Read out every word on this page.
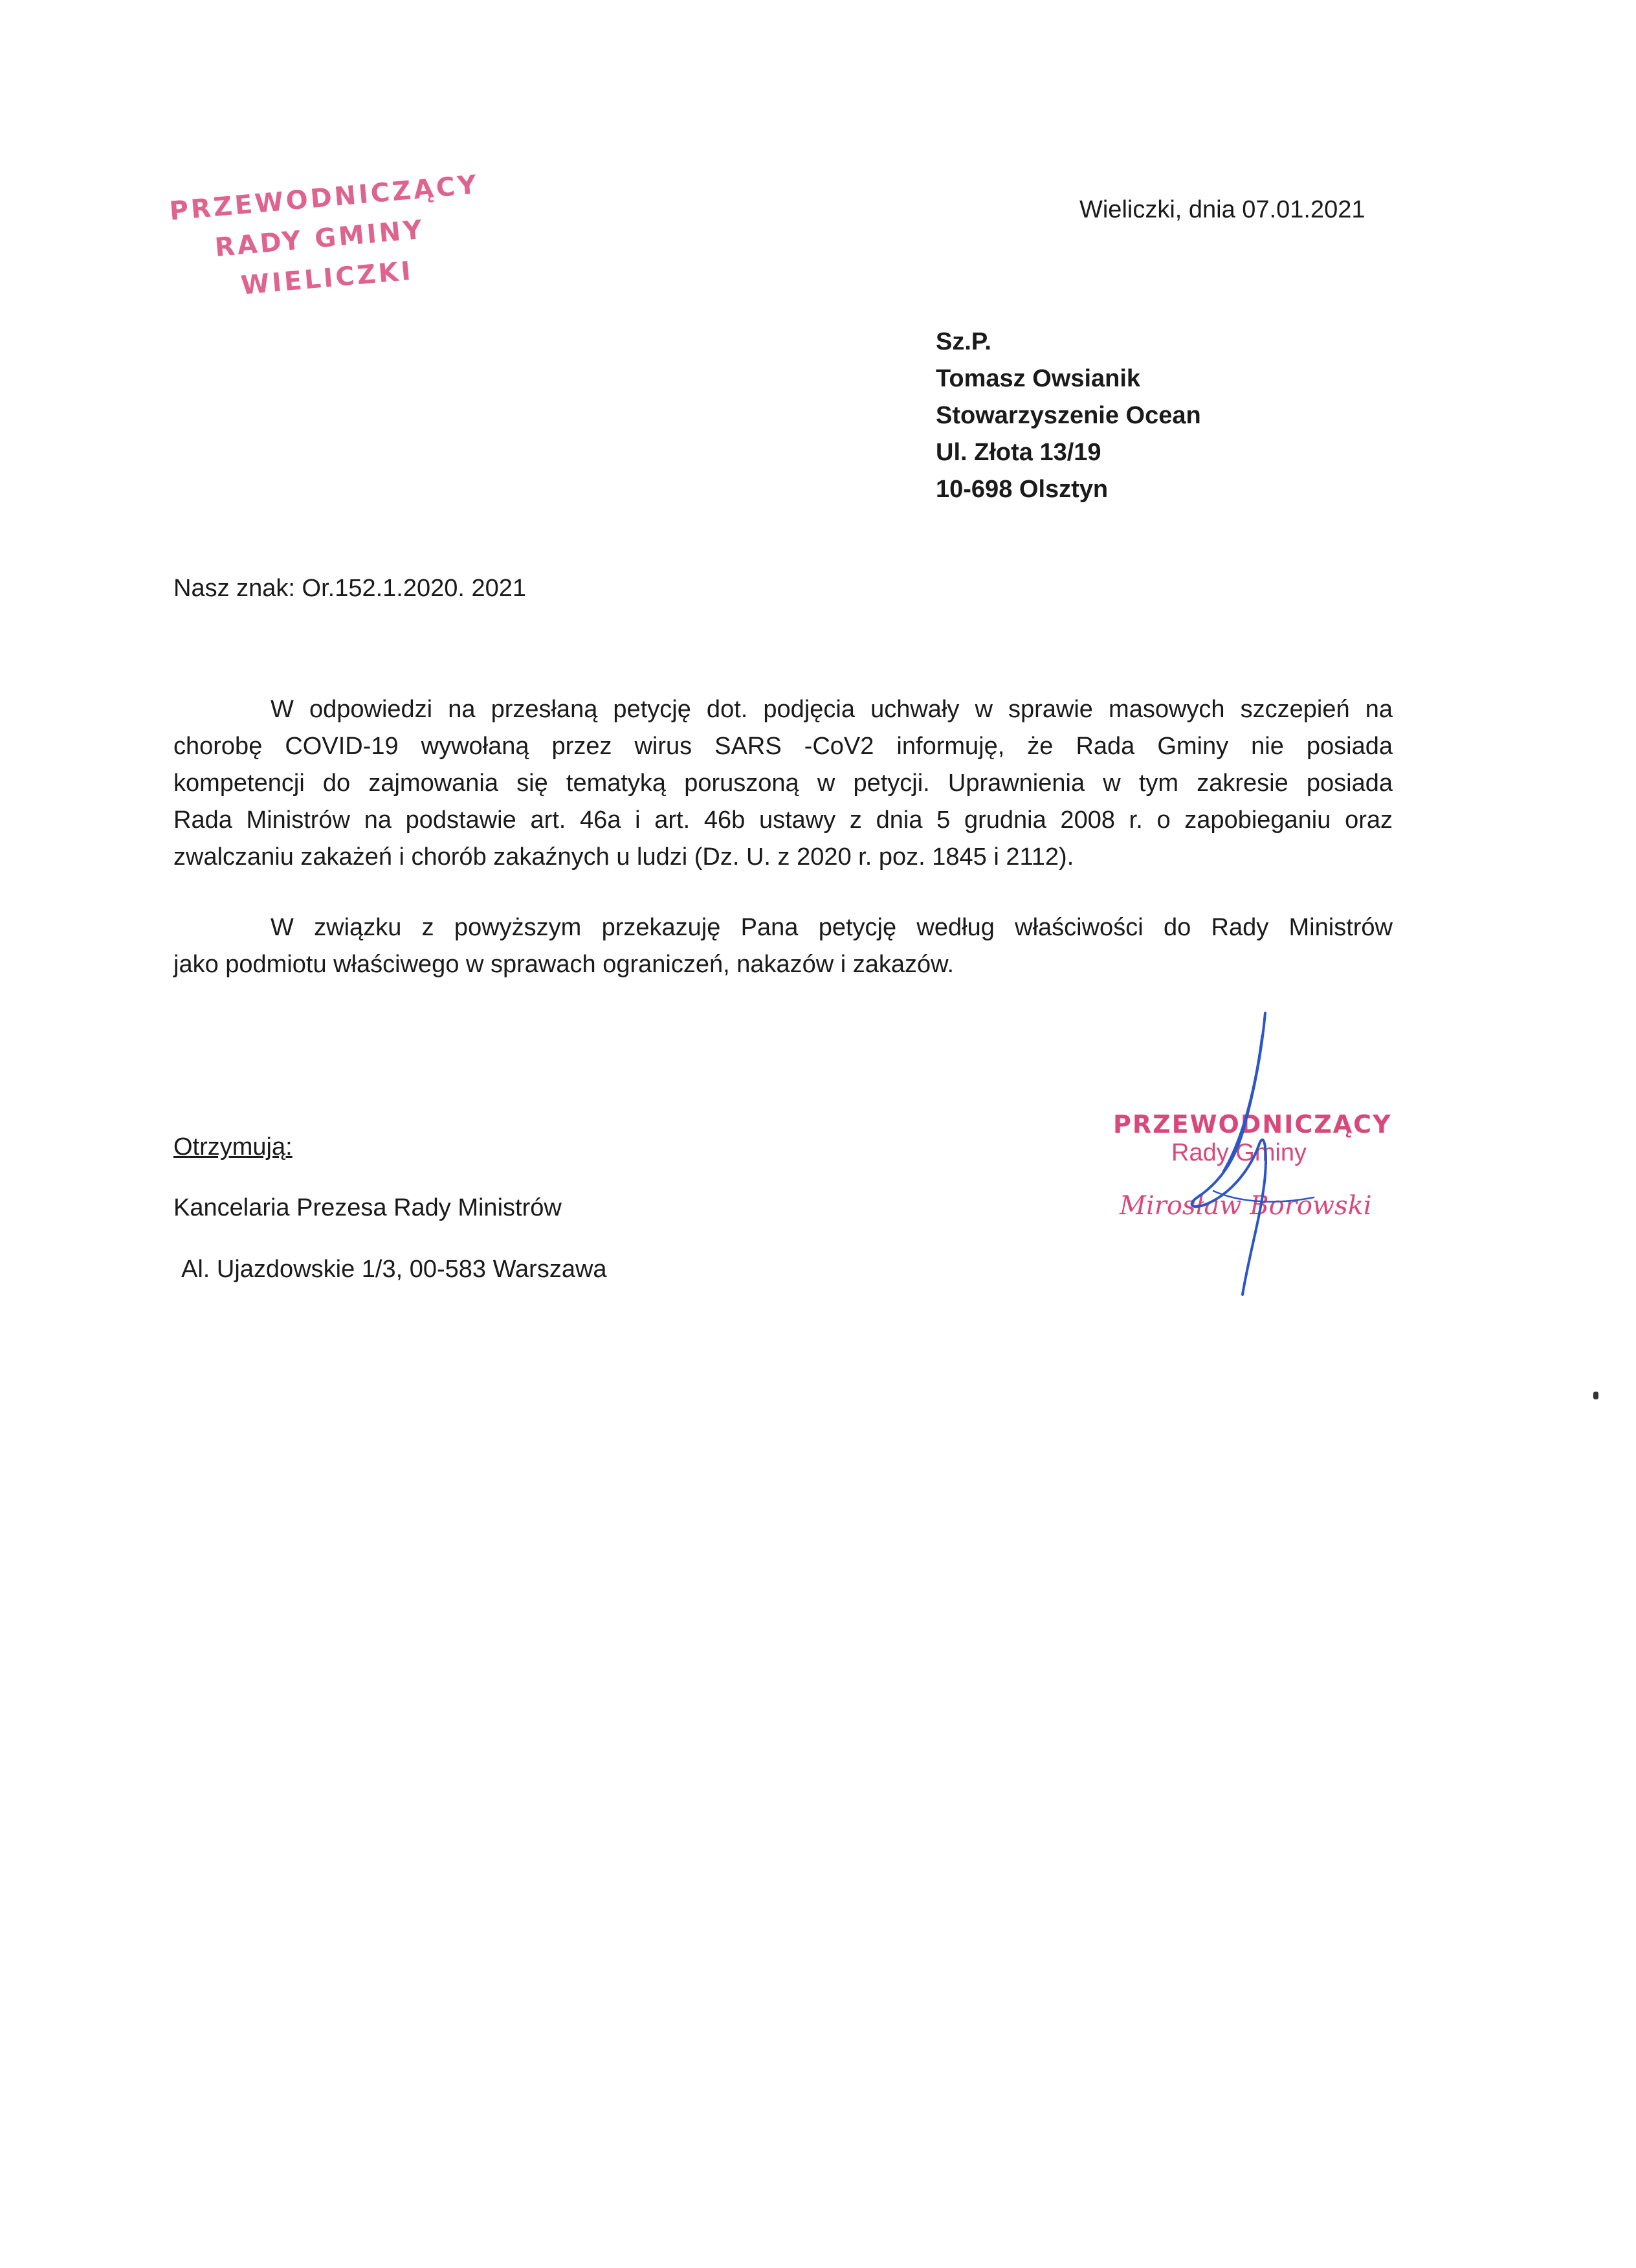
PRZEWODNICZĄCY
RADY GMINY
WIELICZKI
Wieliczki, dnia 07.01.2021
Sz.P.
Tomasz Owsianik
Stowarzyszenie Ocean
Ul. Złota 13/19
10-698 Olsztyn
Nasz znak: Or.152.1.2020. 2021
W odpowiedzi na przesłaną petycję dot. podjęcia uchwały w sprawie masowych szczepień na
chorobę COVID-19 wywołaną przez wirus SARS -CoV2 informuję, że Rada Gminy nie posiada
kompetencji do zajmowania się tematyką poruszoną w petycji. Uprawnienia w tym zakresie posiada
Rada Ministrów na podstawie art. 46a i art. 46b ustawy z dnia 5 grudnia 2008 r. o zapobieganiu oraz
zwalczaniu zakażeń i chorób zakaźnych u ludzi (Dz. U. z 2020 r. poz. 1845 i 2112).
W związku z powyższym przekazuję Pana petycję według właściwości do Rady Ministrów
jako podmiotu właściwego w sprawach ograniczeń, nakazów i zakazów.
Otrzymują:
Kancelaria Prezesa Rady Ministrów
Al. Ujazdowskie 1/3, 00-583 Warszawa
PRZEWODNICZĄCY
Rady Gminy
Mirosław Borowski
